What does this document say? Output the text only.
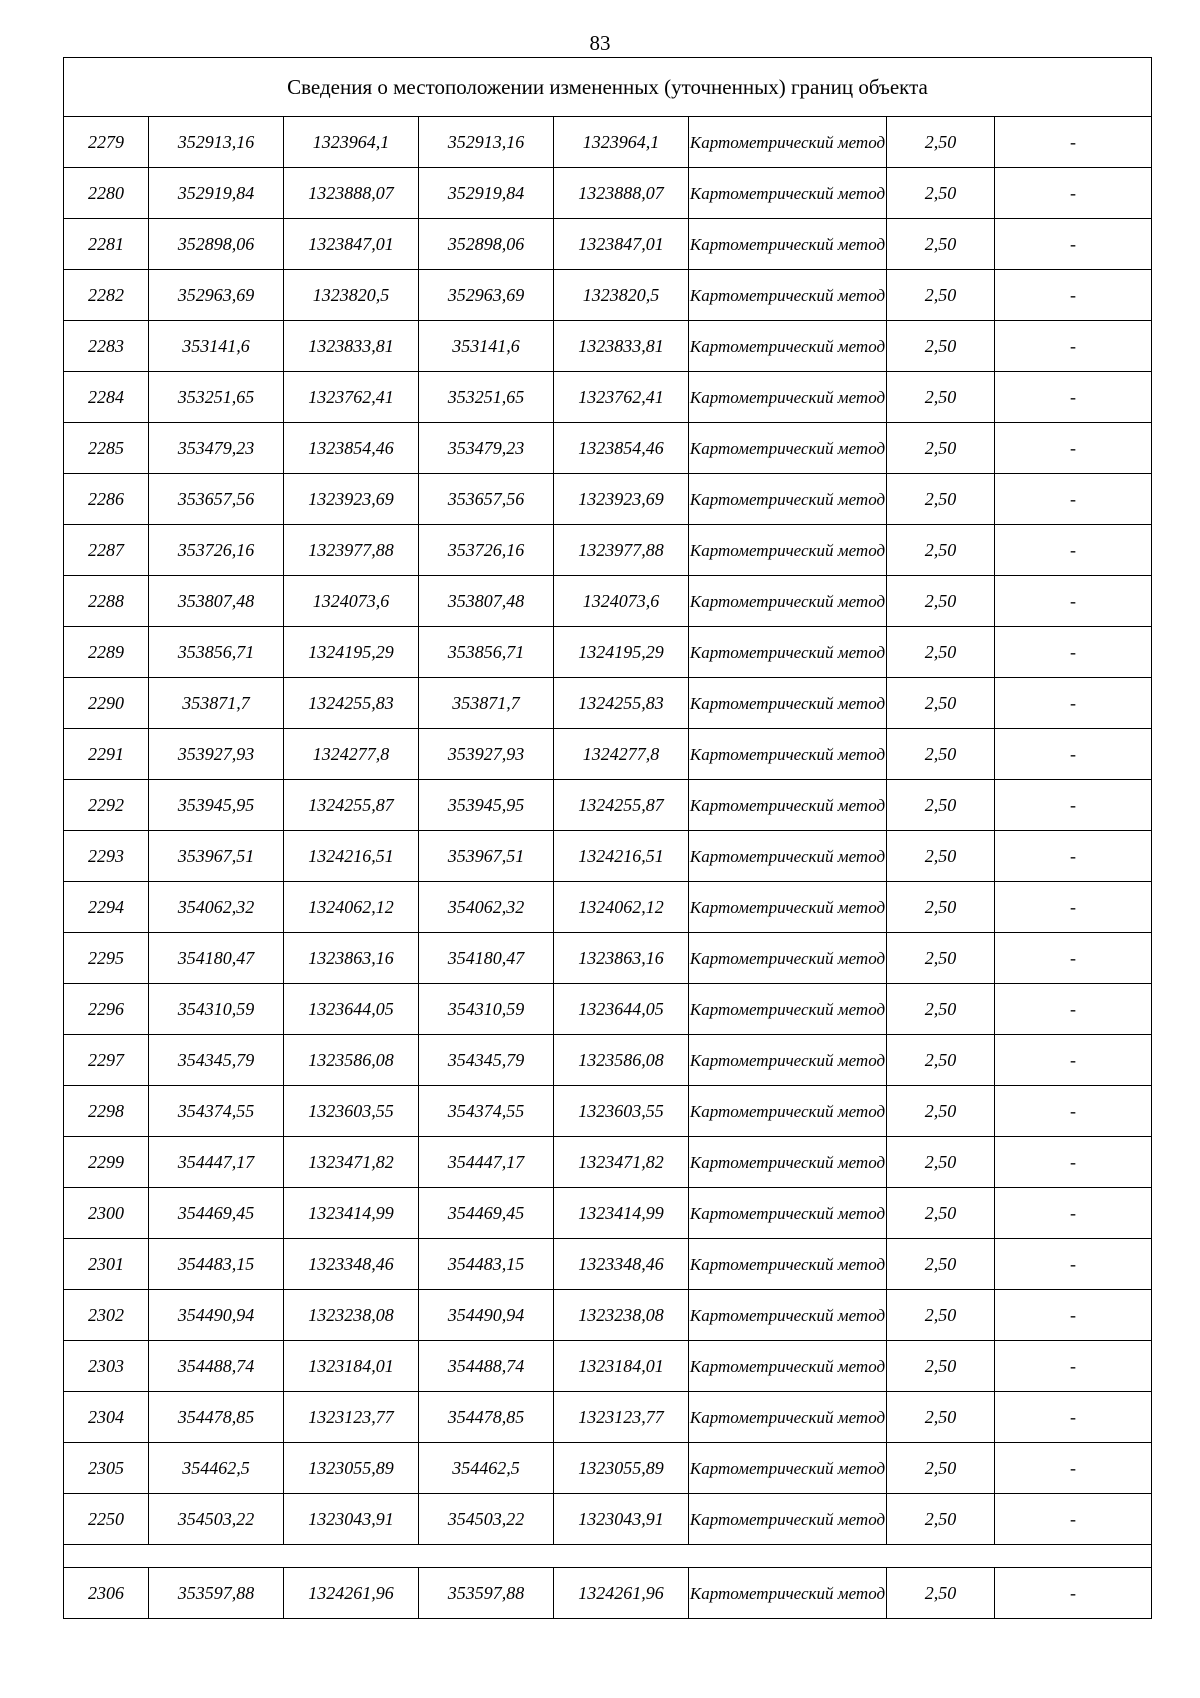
83
Сведения о местоположении измененных (уточненных) границ объекта							
2279	352913,16	1323964,1	352913,16	1323964,1	Картометрический метод	2,50	-
2280	352919,84	1323888,07	352919,84	1323888,07	Картометрический метод	2,50	-
2281	352898,06	1323847,01	352898,06	1323847,01	Картометрический метод	2,50	-
2282	352963,69	1323820,5	352963,69	1323820,5	Картометрический метод	2,50	-
2283	353141,6	1323833,81	353141,6	1323833,81	Картометрический метод	2,50	-
2284	353251,65	1323762,41	353251,65	1323762,41	Картометрический метод	2,50	-
2285	353479,23	1323854,46	353479,23	1323854,46	Картометрический метод	2,50	-
2286	353657,56	1323923,69	353657,56	1323923,69	Картометрический метод	2,50	-
2287	353726,16	1323977,88	353726,16	1323977,88	Картометрический метод	2,50	-
2288	353807,48	1324073,6	353807,48	1324073,6	Картометрический метод	2,50	-
2289	353856,71	1324195,29	353856,71	1324195,29	Картометрический метод	2,50	-
2290	353871,7	1324255,83	353871,7	1324255,83	Картометрический метод	2,50	-
2291	353927,93	1324277,8	353927,93	1324277,8	Картометрический метод	2,50	-
2292	353945,95	1324255,87	353945,95	1324255,87	Картометрический метод	2,50	-
2293	353967,51	1324216,51	353967,51	1324216,51	Картометрический метод	2,50	-
2294	354062,32	1324062,12	354062,32	1324062,12	Картометрический метод	2,50	-
2295	354180,47	1323863,16	354180,47	1323863,16	Картометрический метод	2,50	-
2296	354310,59	1323644,05	354310,59	1323644,05	Картометрический метод	2,50	-
2297	354345,79	1323586,08	354345,79	1323586,08	Картометрический метод	2,50	-
2298	354374,55	1323603,55	354374,55	1323603,55	Картометрический метод	2,50	-
2299	354447,17	1323471,82	354447,17	1323471,82	Картометрический метод	2,50	-
2300	354469,45	1323414,99	354469,45	1323414,99	Картометрический метод	2,50	-
2301	354483,15	1323348,46	354483,15	1323348,46	Картометрический метод	2,50	-
2302	354490,94	1323238,08	354490,94	1323238,08	Картометрический метод	2,50	-
2303	354488,74	1323184,01	354488,74	1323184,01	Картометрический метод	2,50	-
2304	354478,85	1323123,77	354478,85	1323123,77	Картометрический метод	2,50	-
2305	354462,5	1323055,89	354462,5	1323055,89	Картометрический метод	2,50	-
2250	354503,22	1323043,91	354503,22	1323043,91	Картометрический метод	2,50	-

2306	353597,88	1324261,96	353597,88	1324261,96	Картометрический метод	2,50	-
